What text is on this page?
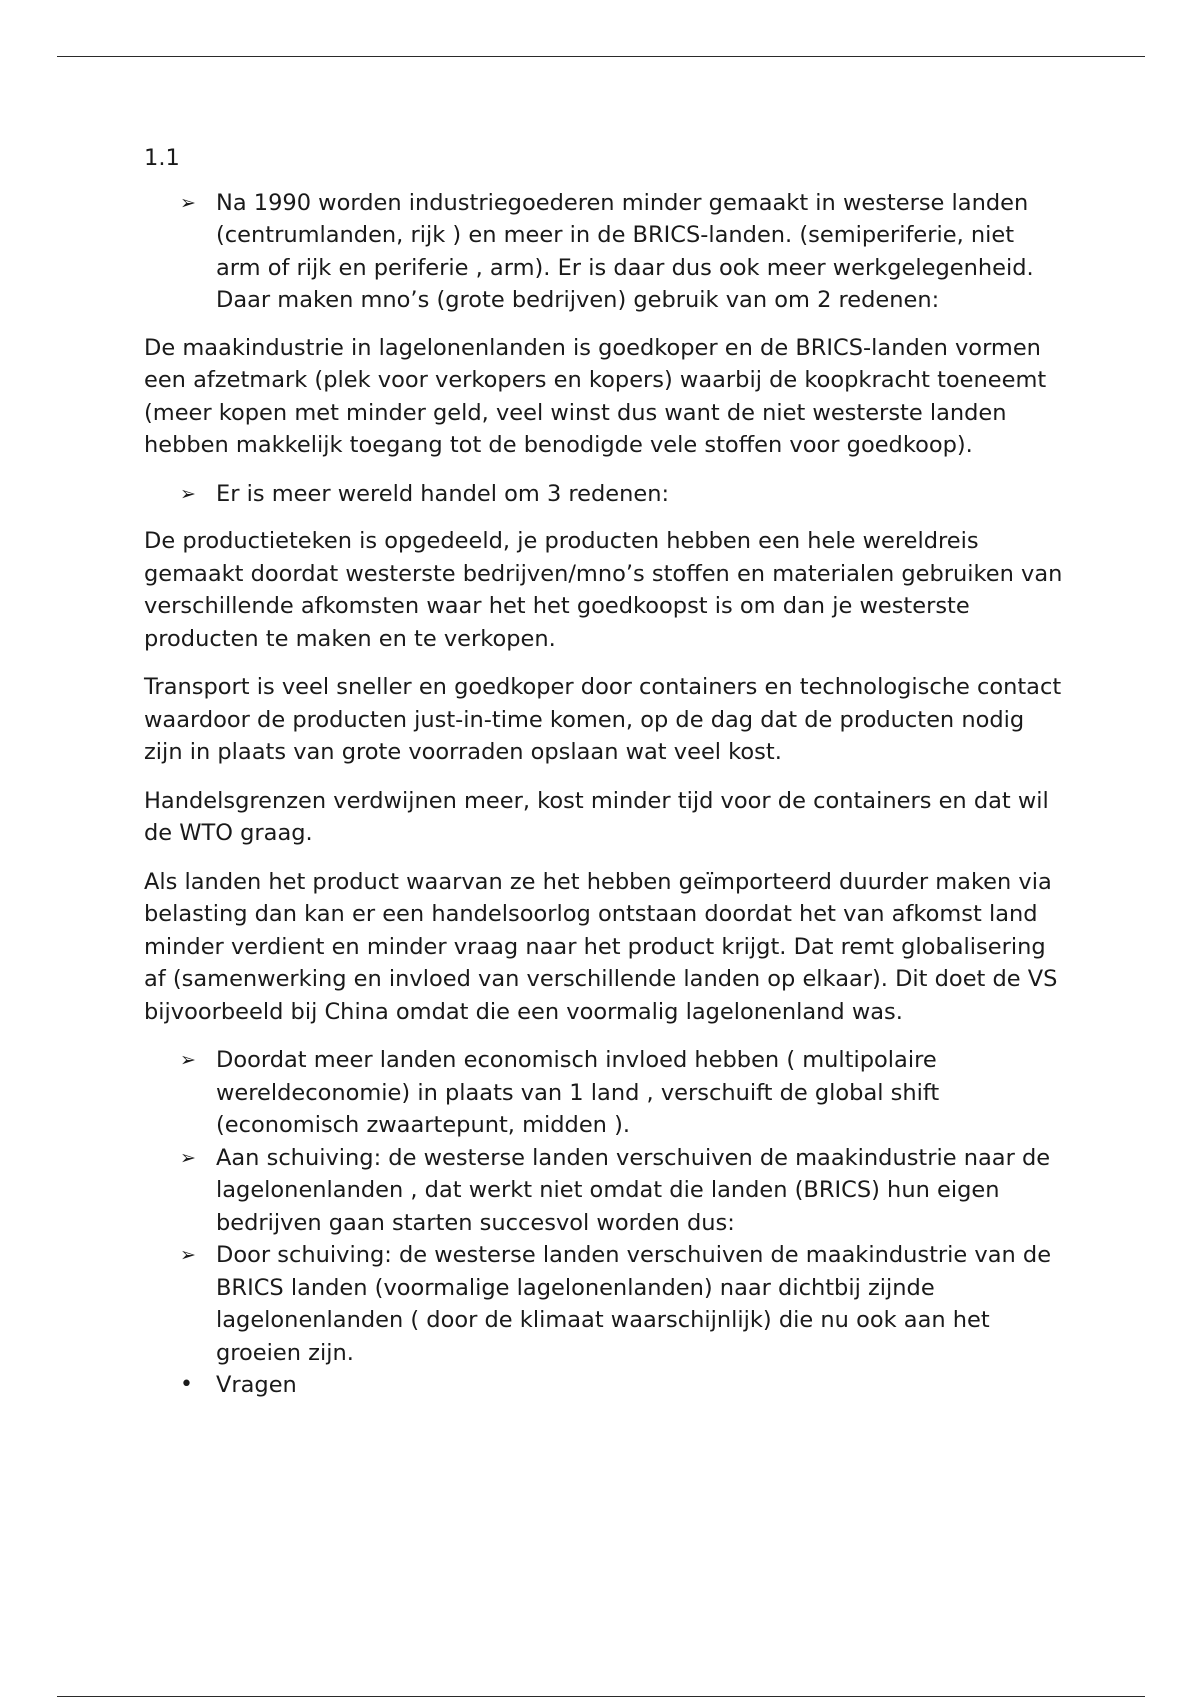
1.1
➢ Na 1990 worden industriegoederen minder gemaakt in westerse landen (centrumlanden, rijk ) en meer in de BRICS-landen. (semiperiferie, niet arm of rijk en periferie , arm). Er is daar dus ook meer werkgelegenheid. Daar maken mno’s (grote bedrijven) gebruik van om 2 redenen:

De maakindustrie in lagelonenlanden is goedkoper en de BRICS-landen vormen een afzetmark (plek voor verkopers en kopers) waarbij de koopkracht toeneemt (meer kopen met minder geld, veel winst dus want de niet westerste landen hebben makkelijk toegang tot de benodigde vele stoffen voor goedkoop).

➢ Er is meer wereld handel om 3 redenen:

De productieteken is opgedeeld, je producten hebben een hele wereldreis gemaakt doordat westerste bedrijven/mno’s stoffen en materialen gebruiken van verschillende afkomsten waar het het goedkoopst is om dan je westerste producten te maken en te verkopen.

Transport is veel sneller en goedkoper door containers en technologische contact waardoor de producten just-in-time komen, op de dag dat de producten nodig zijn in plaats van grote voorraden opslaan wat veel kost.

Handelsgrenzen verdwijnen meer, kost minder tijd voor de containers en dat wil de WTO graag.

Als landen het product waarvan ze het hebben geïmporteerd duurder maken via belasting dan kan er een handelsoorlog ontstaan doordat het van afkomst land minder verdient en minder vraag naar het product krijgt. Dat remt globalisering af (samenwerking en invloed van verschillende landen op elkaar). Dit doet de VS bijvoorbeeld bij China omdat die een voormalig lagelonenland was.

➢ Doordat meer landen economisch invloed hebben ( multipolaire wereldeconomie) in plaats van 1 land , verschuift de global shift (economisch zwaartepunt, midden ).
➢ Aan schuiving: de westerse landen verschuiven de maakindustrie naar de lagelonenlanden , dat werkt niet omdat die landen (BRICS) hun eigen bedrijven gaan starten succesvol worden dus:
➢ Door schuiving: de westerse landen verschuiven de maakindustrie van de BRICS landen (voormalige lagelonenlanden) naar dichtbij zijnde lagelonenlanden ( door de klimaat waarschijnlijk) die nu ook aan het groeien zijn.
•	Vragen
